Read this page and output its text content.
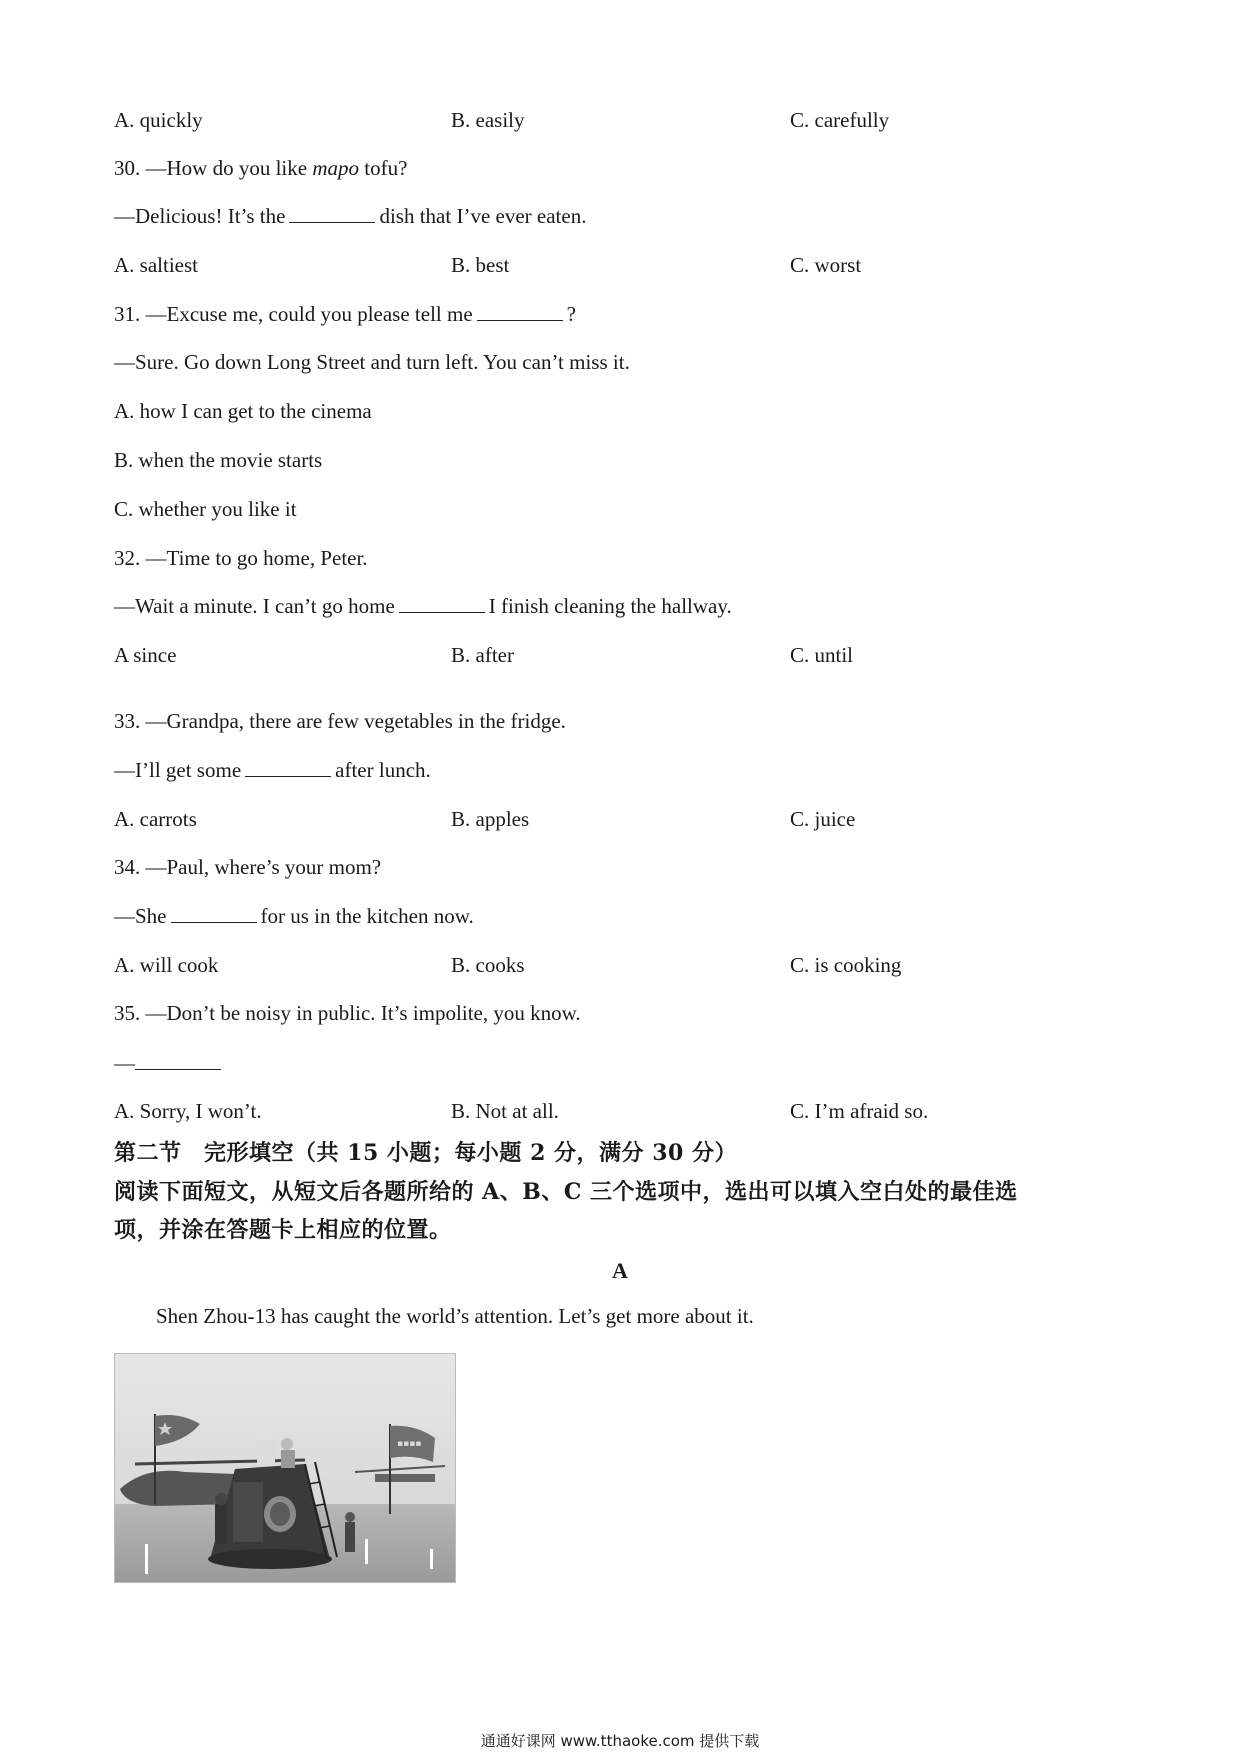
A. quickly	B. easily	C. carefully
30. —How do you like mapo tofu?
—Delicious! It’s the	dish that I’ve ever eaten.
A. saltiest	B. best	C. worst
31. —Excuse me, could you please tell me	?
—Sure. Go down Long Street and turn left. You can’t miss it.
A. how I can get to the cinema
B. when the movie starts
C. whether you like it
32. —Time to go home, Peter.
—Wait a minute. I can’t go home	I finish cleaning the hallway.
A since	B. after	C. until
33. —Grandpa, there are few vegetables in the fridge.
—I’ll get some	after lunch.
A. carrots	B. apples	C. juice
34. —Paul, where’s your mom?
—She	for us in the kitchen now.
A. will cook	B. cooks	C. is cooking
35. —Don’t be noisy in public. It’s impolite, you know.
—
A. Sorry, I won’t.	B. Not at all.	C. I’m afraid so.
第二节　完形填空（共 15 小题；每小题 2 分，满分 30 分）
阅读下面短文，从短文后各题所给的 A、B、C 三个选项中，选出可以填入空白处的最佳选
项，并涂在答题卡上相应的位置。
A
Shen Zhou-13 has caught the world’s attention. Let’s get more about it.
▪▪▪▪
通通好课网 www.tthaoke.com 提供下载
